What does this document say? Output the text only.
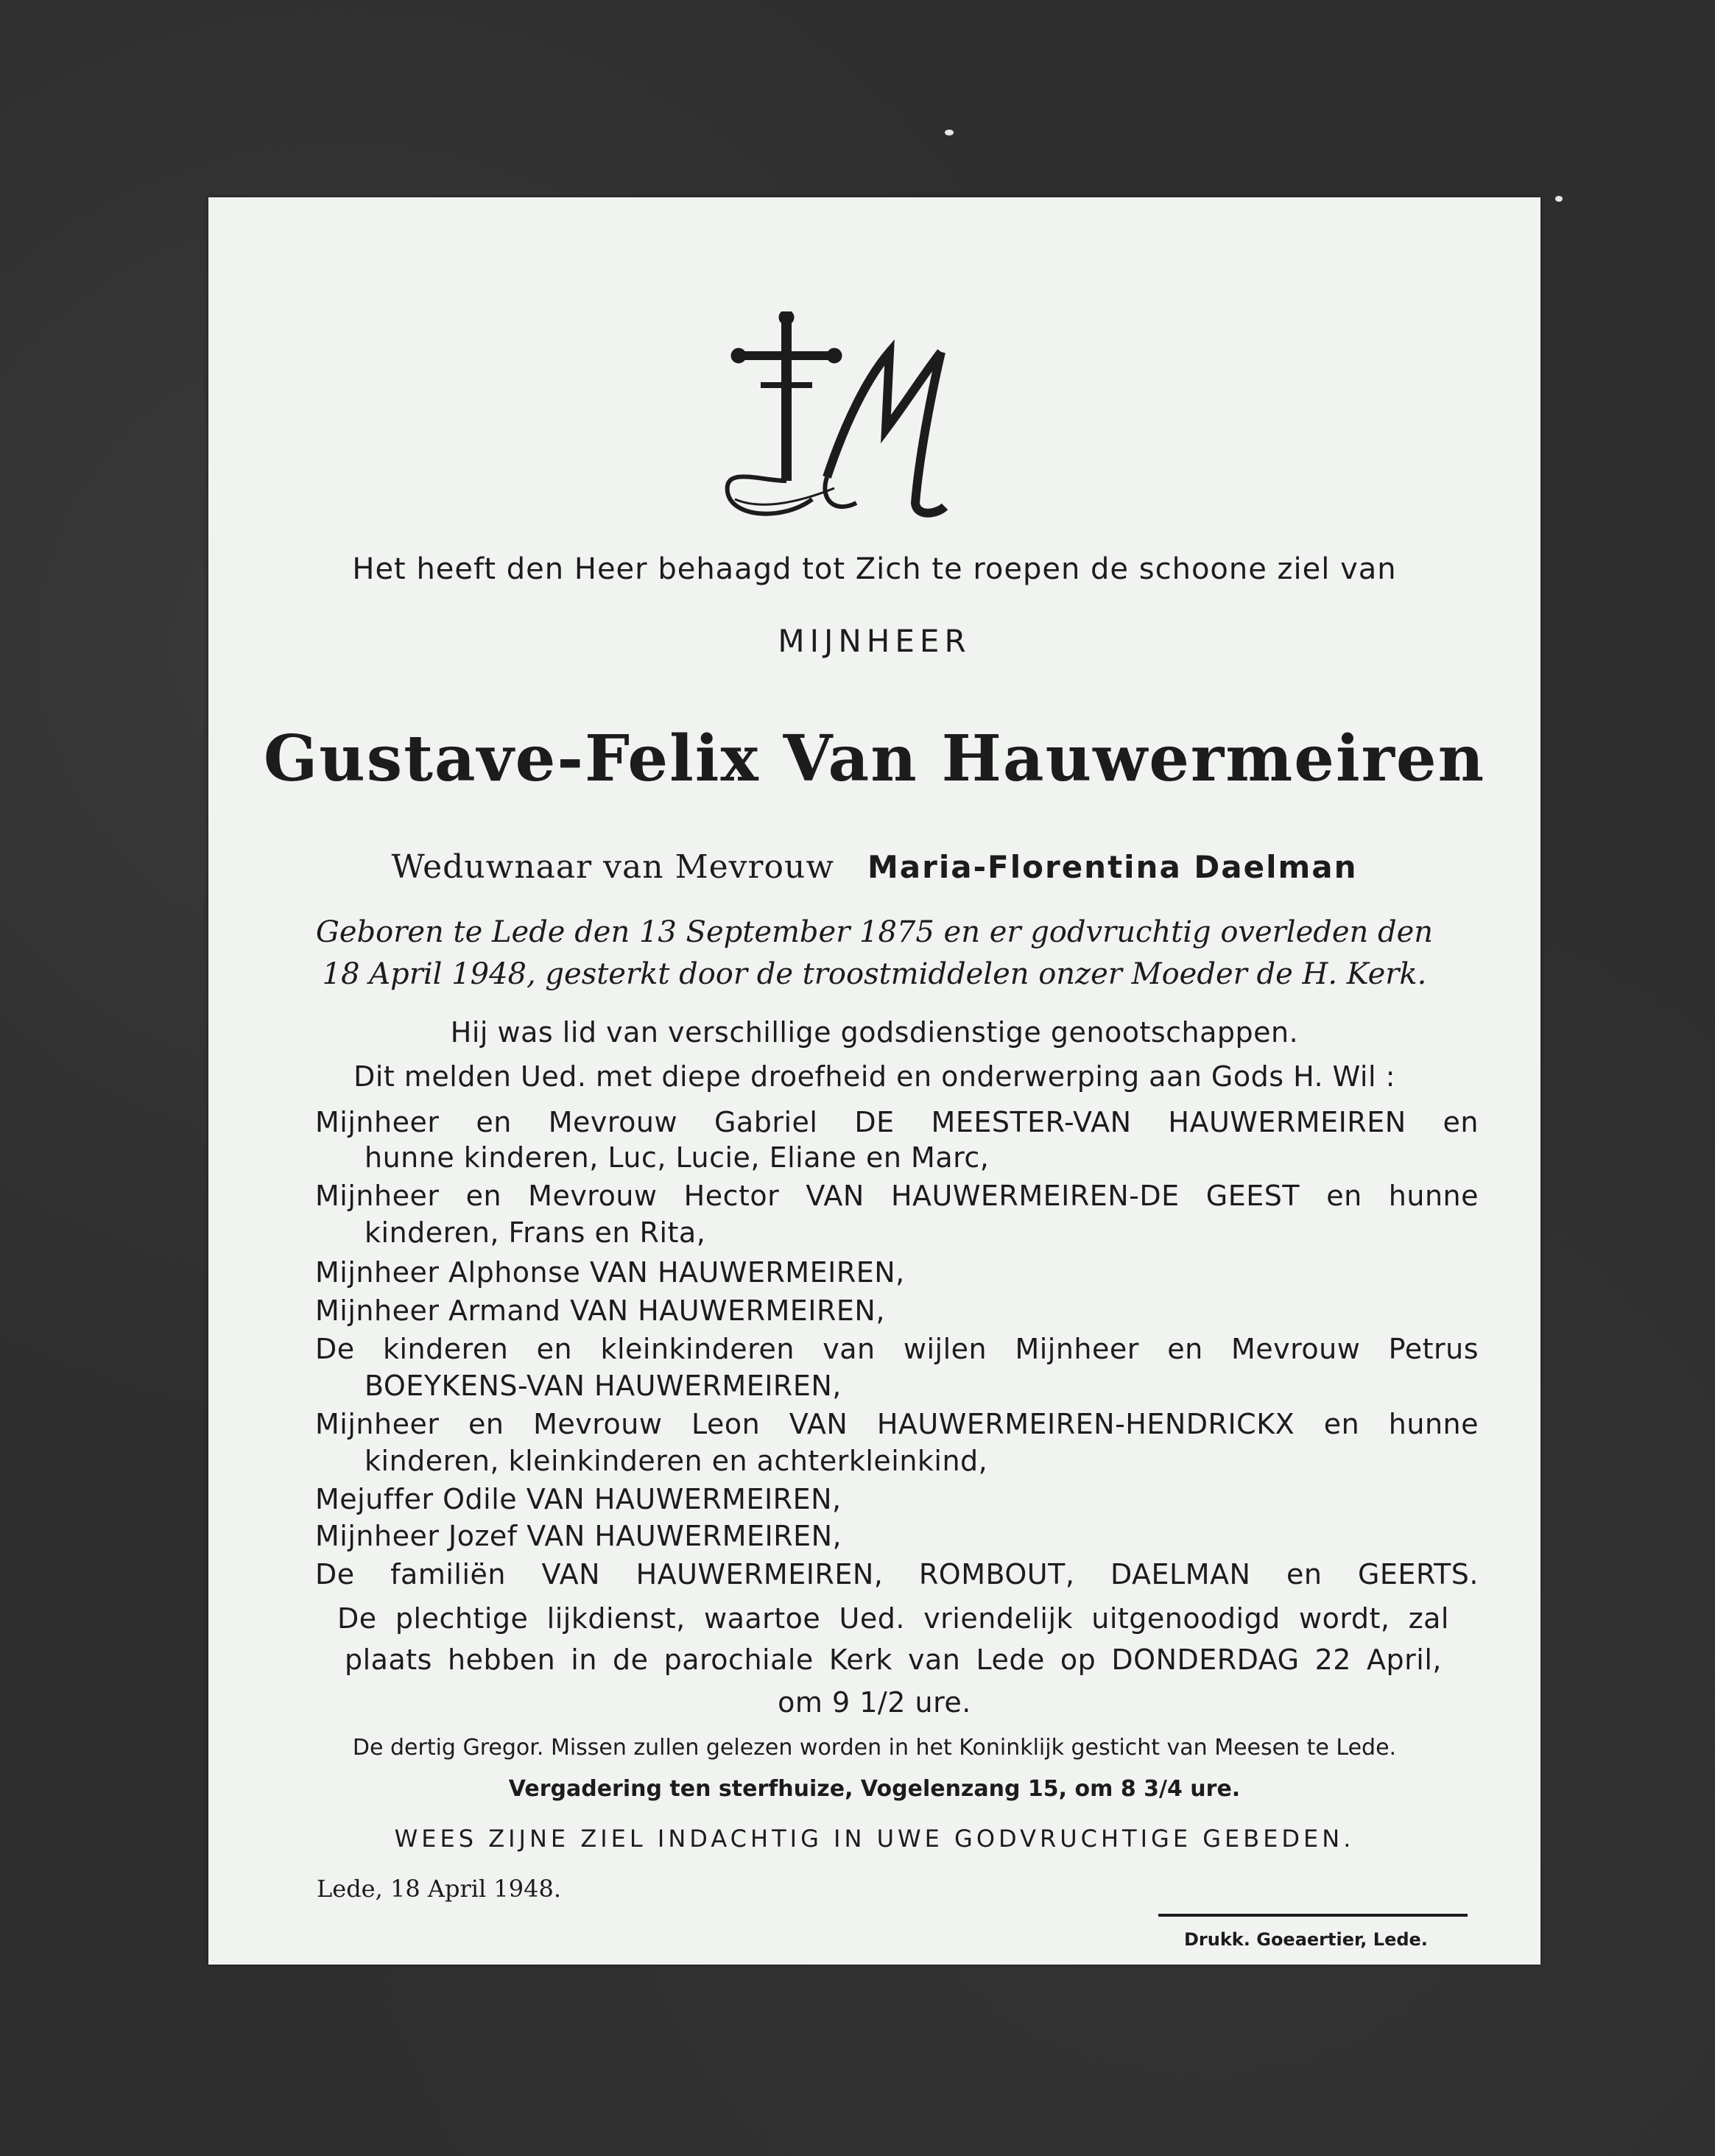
Het heeft den Heer behaagd tot Zich te roepen de schoone ziel van
MIJNHEER
Gustave-Felix Van Hauwermeiren
Weduwnaar van Mevrouw Maria-Florentina Daelman
Geboren te Lede den 13 September 1875 en er godvruchtig overleden den
18 April 1948, gesterkt door de troostmiddelen onzer Moeder de H. Kerk.
Hij was lid van verschillige godsdienstige genootschappen.
Dit melden Ued. met diepe droefheid en onderwerping aan Gods H. Wil :
Mijnheer en Mevrouw Gabriel DE MEESTER-VAN HAUWERMEIREN en
hunne kinderen, Luc, Lucie, Eliane en Marc,
Mijnheer en Mevrouw Hector VAN HAUWERMEIREN-DE GEEST en hunne
kinderen, Frans en Rita,
Mijnheer Alphonse VAN HAUWERMEIREN,
Mijnheer Armand VAN HAUWERMEIREN,
De kinderen en kleinkinderen van wijlen Mijnheer en Mevrouw Petrus
BOEYKENS-VAN HAUWERMEIREN,
Mijnheer en Mevrouw Leon VAN HAUWERMEIREN-HENDRICKX en hunne
kinderen, kleinkinderen en achterkleinkind,
Mejuffer Odile VAN HAUWERMEIREN,
Mijnheer Jozef VAN HAUWERMEIREN,
De familiën VAN HAUWERMEIREN, ROMBOUT, DAELMAN en GEERTS.
De plechtige lijkdienst, waartoe Ued. vriendelijk uitgenoodigd wordt, zal
plaats hebben in de parochiale Kerk van Lede op DONDERDAG 22 April,
om 9 1/2 ure.
De dertig Gregor. Missen zullen gelezen worden in het Koninklijk gesticht van Meesen te Lede.
Vergadering ten sterfhuize, Vogelenzang 15, om 8 3/4 ure.
WEES ZIJNE ZIEL INDACHTIG IN UWE GODVRUCHTIGE GEBEDEN.
Lede, 18 April 1948.
Drukk. Goeaertier, Lede.
